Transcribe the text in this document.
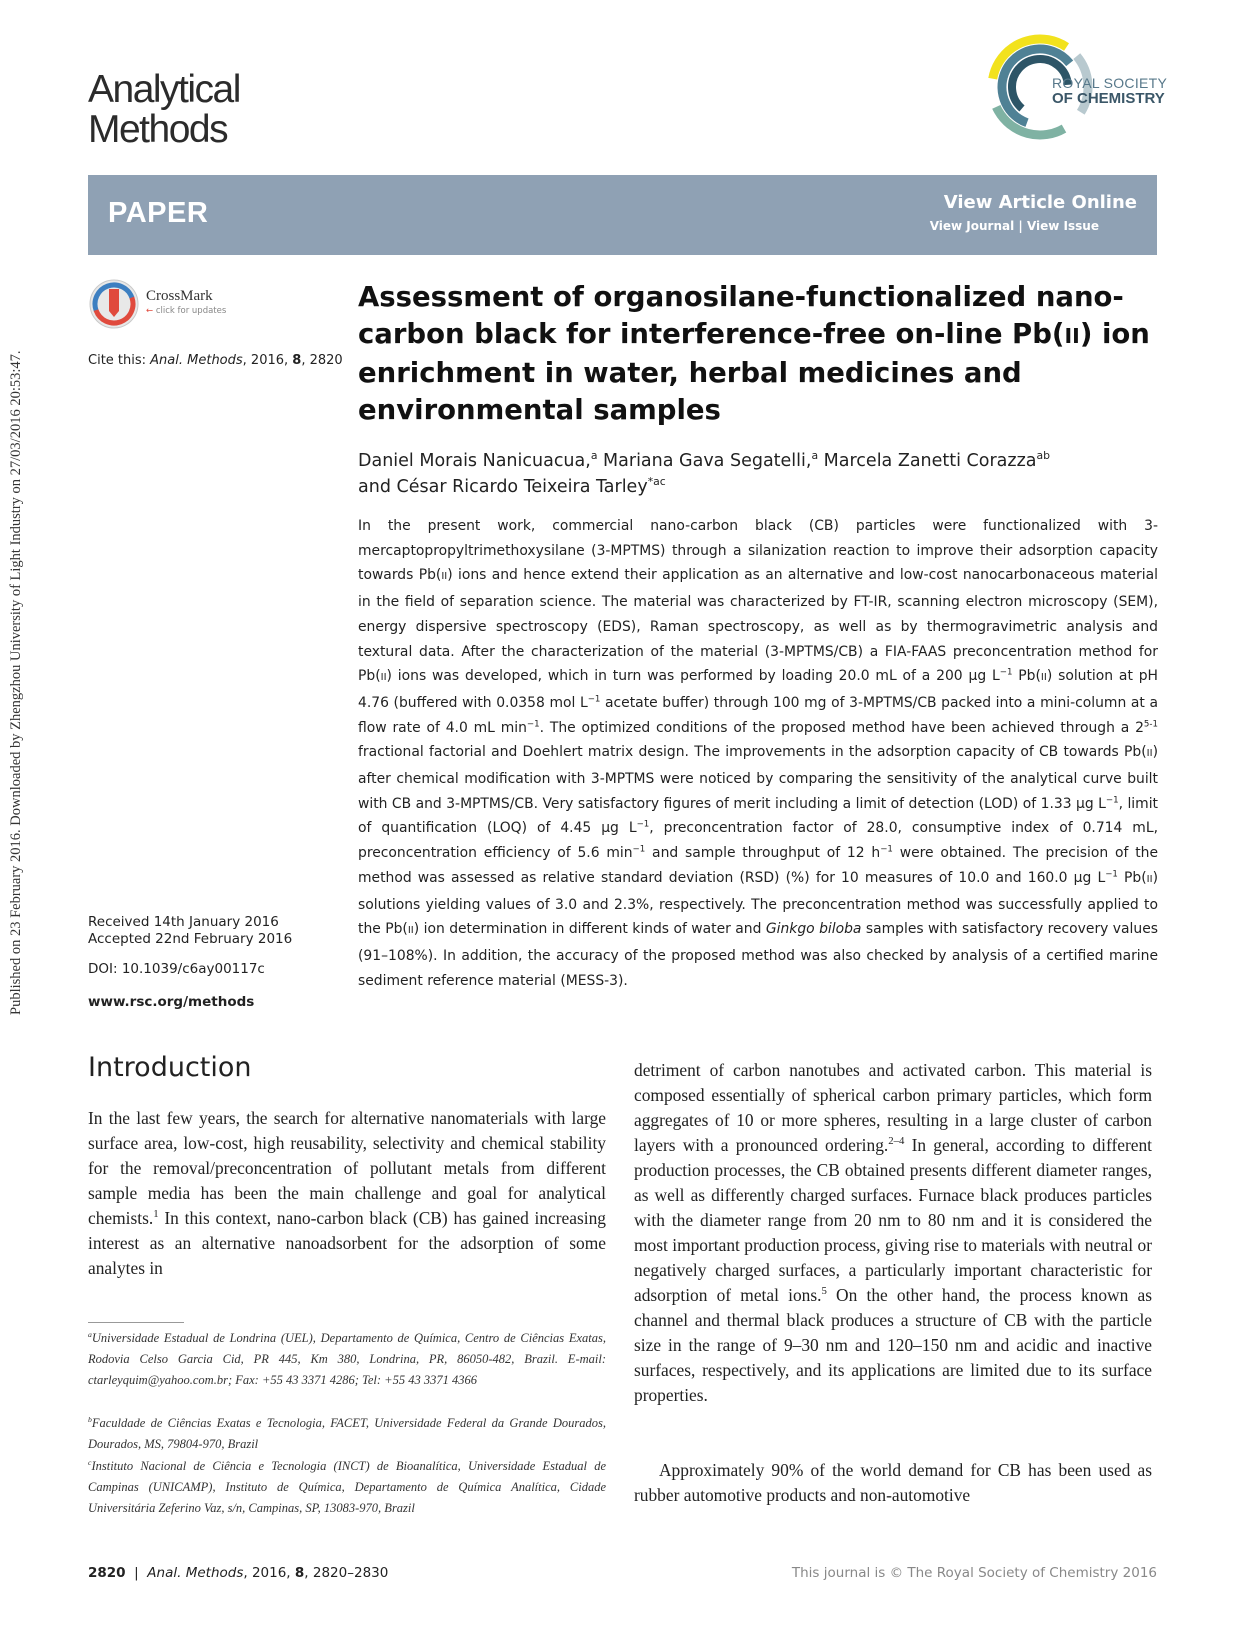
Published on 23 February 2016. Downloaded by Zhengzhou University of Light Industry on 27/03/2016 20:53:47.
Analytical
Methods
ROYAL SOCIETY
OF CHEMISTRY
PAPER	View Article Online
View Journal | View Issue
CrossMark
← click for updates
Cite this: Anal. Methods, 2016, 8, 2820
Assessment of organosilane-functionalized nano-carbon black for interference-free on-line Pb(II) ion enrichment in water, herbal medicines and environmental samples
Daniel Morais Nanicuacua,$^a$ Mariana Gava Segatelli,$^a$ Marcela Zanetti Corazza$^{ab}$
and César Ricardo Teixeira Tarley$^{*ac}$

In the present work, commercial nano-carbon black (CB) particles were functionalized with 3-mercaptopropyltrimethoxysilane (3-MPTMS) through a silanization reaction to improve their adsorption capacity towards Pb(II) ions and hence extend their application as an alternative and low-cost nanocarbonaceous material in the field of separation science. The material was characterized by FT-IR, scanning electron microscopy (SEM), energy dispersive spectroscopy (EDS), Raman spectroscopy, as well as by thermogravimetric analysis and textural data. After the characterization of the material (3-MPTMS/CB) a FIA-FAAS preconcentration method for Pb(II) ions was developed, which in turn was performed by loading 20.0 mL of a 200 μg $L^{-1}$ Pb(II) solution at pH 4.76 (buffered with 0.0358 mol $L^{-1}$ acetate buffer) through 100 mg of 3-MPTMS/CB packed into a mini-column at a flow rate of 4.0 mL $\min^{-1}$. The optimized conditions of the proposed method have been achieved through a 2$^{5-1}$ fractional factorial and Doehlert matrix design. The improvements in the adsorption capacity of CB towards Pb(II) after chemical modification with 3-MPTMS were noticed by comparing the sensitivity of the analytical curve built with CB and 3-MPTMS/CB. Very satisfactory figures of merit including a limit of detection (LOD) of 1.33 μg $L^{-1}$, limit of quantification (LOQ) of 4.45 μg $L^{-1}$, preconcentration factor of 28.0, consumptive index of 0.714 mL, preconcentration efficiency of 5.6 $\min^{-1}$ and sample throughput of 12 $h^{-1}$ were obtained. The precision of the method was assessed as relative standard deviation (RSD) (%) for 10 measures of 10.0 and 160.0 μg $L^{-1}$ Pb(II) solutions yielding values of 3.0 and 2.3%, respectively. The preconcentration method was successfully applied to the Pb(II) ion determination in different kinds of water and Ginkgo biloba samples with satisfactory recovery values (91–108%). In addition, the accuracy of the proposed method was also checked by analysis of a certified marine sediment reference material (MESS-3).

Received 14th January 2016
Accepted 22nd February 2016
DOI: 10.1039/c6ay00117c
www.rsc.org/methods
Introduction

In the last few years, the search for alternative nanomaterials with large surface area, low-cost, high reusability, selectivity and chemical stability for the removal/preconcentration of pollutant metals from different sample media has been the main challenge and goal for analytical chemists.$^1$ In this context, nano-carbon black (CB) has gained increasing interest as an alternative nanoadsorbent for the adsorption of some analytes in

$^a$Universidade Estadual de Londrina (UEL), Departamento de Química, Centro de Ciências Exatas, Rodovia Celso Garcia Cid, PR 445, Km 380, Londrina, PR, 86050-482, Brazil. E-mail: ctarleyquim@yahoo.com.br; Fax: +55 43 3371 4286; Tel: +55 43 3371 4366

$^b$Faculdade de Ciências Exatas e Tecnologia, FACET, Universidade Federal da Grande Dourados, Dourados, MS, 79804-970, Brazil

$^c$Instituto Nacional de Ciência e Tecnologia (INCT) de Bioanalítica, Universidade Estadual de Campinas (UNICAMP), Instituto de Química, Departamento de Química Analítica, Cidade Universitária Zeferino Vaz, s/n, Campinas, SP, 13083-970, Brazil

detriment of carbon nanotubes and activated carbon. This material is composed essentially of spherical carbon primary particles, which form aggregates of 10 or more spheres, resulting in a large cluster of carbon layers with a pronounced ordering.$^{2-4}$ In general, according to different production processes, the CB obtained presents different diameter ranges, as well as differently charged surfaces. Furnace black produces particles with the diameter range from 20 nm to 80 nm and it is considered the most important production process, giving rise to materials with neutral or negatively charged surfaces, a particularly important characteristic for adsorption of metal ions.$^5$ On the other hand, the process known as channel and thermal black produces a structure of CB with the particle size in the range of 9–30 nm and 120–150 nm and acidic and inactive surfaces, respectively, and its applications are limited due to its surface properties.

Approximately 90% of the world demand for CB has been used as rubber automotive products and non-automotive

2820  |  Anal. Methods, 2016, 8, 2820–2830	This journal is © The Royal Society of Chemistry 2016
